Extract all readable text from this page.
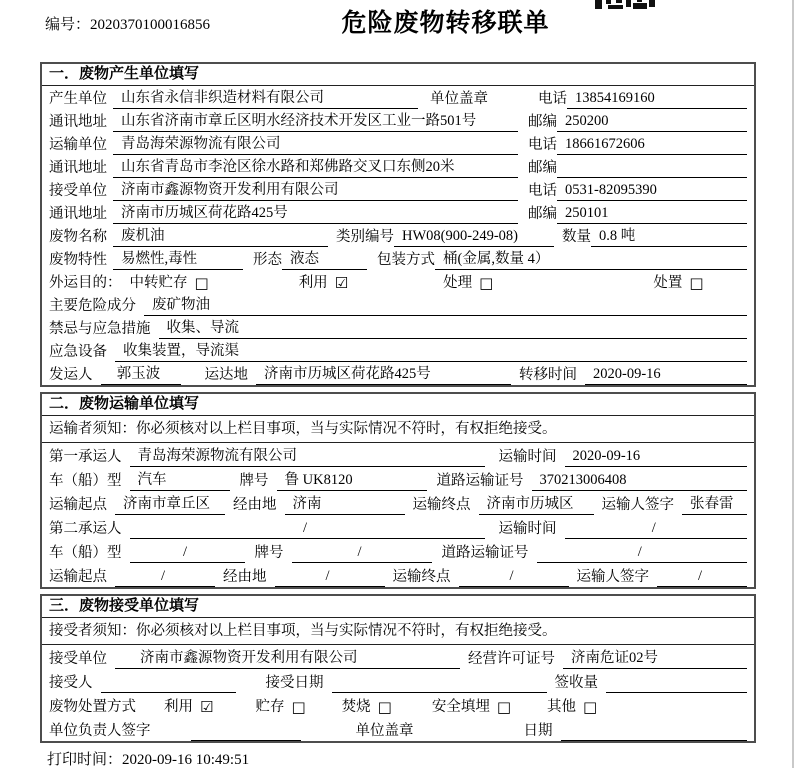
编号：2020370100016856	危险废物转移联单
一．废物产生单位填写
产生单位 山东省永信非织造材料有限公司	单位盖章	电话 13854169160
通讯地址 山东省济南市章丘区明水经济技术开发区工业一路501号	邮编 250200
运输单位 青岛海荣源物流有限公司	电话 18661672606
通讯地址 山东省青岛市李沧区徐水路和郑佛路交叉口东侧20米	邮编
接受单位 济南市鑫源物资开发利用有限公司	电话 0531-82095390
通讯地址 济南市历城区荷花路425号	邮编 250101
废物名称 废机油	类别编号 HW08(900-249-08)	数量 0.8 吨
废物特性 易燃性,毒性	形态 液态	包装方式 桶(金属,数量 4）
外运目的： 中转贮存 □	利用 ☑	处理 □	处置 □
主要危险成分	废矿物油
禁忌与应急措施	收集、导流
应急设备	收集装置，导流渠
发运人	郭玉波	运达地	济南市历城区荷花路425号	转移时间	2020-09-16
二．废物运输单位填写
运输者须知：你必须核对以上栏目事项，当与实际情况不符时，有权拒绝接受。
第一承运人	青岛海荣源物流有限公司	运输时间	2020-09-16
车（船）型	汽车	牌号	鲁 UK8120	道路运输证号	370213006408
运输起点	济南市章丘区	经由地	济南	运输终点	济南市历城区	运输人签字	张春雷
第二承运人	/	运输时间	/
车（船）型	/	牌号	/	道路运输证号	/
运输起点	/	经由地	/	运输终点	/	运输人签字	/
三．废物接受单位填写
接受者须知：你必须核对以上栏目事项，当与实际情况不符时，有权拒绝接受。
接受单位	济南市鑫源物资开发利用有限公司	经营许可证号	济南危证02号
接受人	接受日期	签收量
废物处置方式 利用 ☑	贮存 □ 焚烧 □	安全填埋 □ 其他 □
单位负责人签字	单位盖章	日期
打印时间：2020-09-16 10:49:51
